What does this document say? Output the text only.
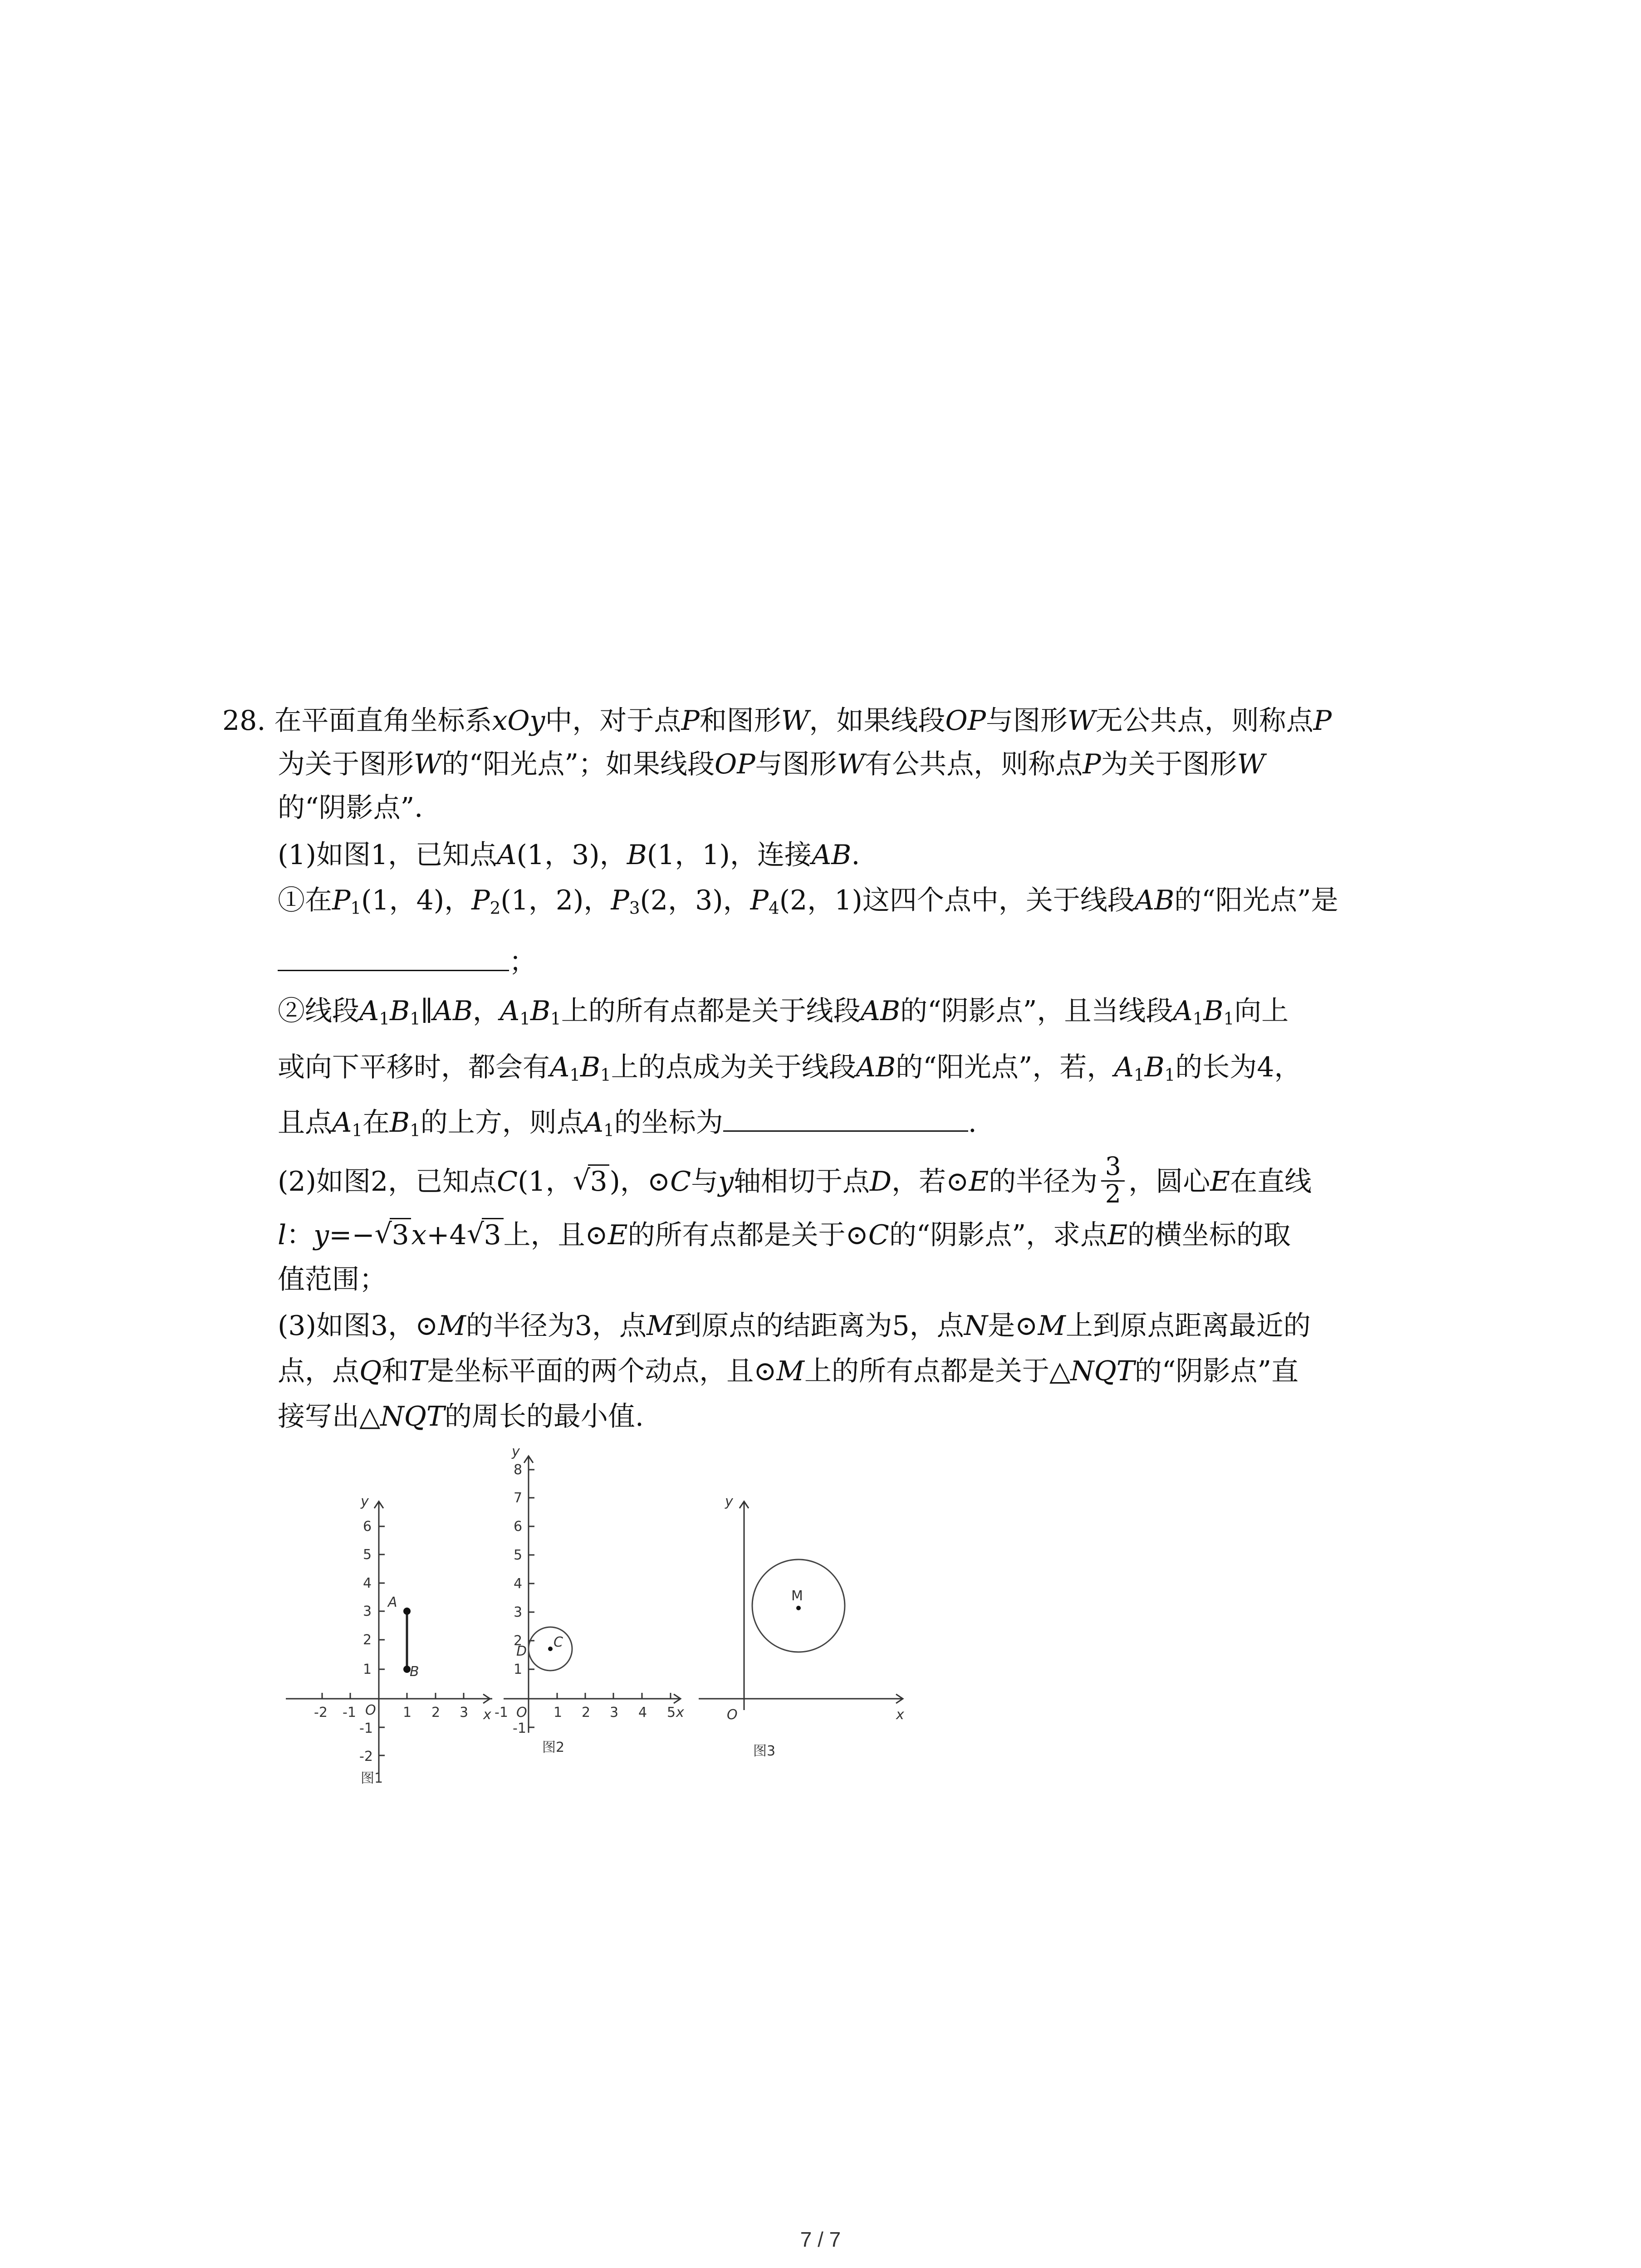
28. 在平面直角坐标系xOy中，对于点P和图形W，如果线段OP与图形W无公共点，则称点P
为关于图形W的“阳光点”；如果线段OP与图形W有公共点，则称点P为关于图形W
的“阴影点”．
(1)如图1，已知点A(1，3)，B(1，1)，连接AB.
①在$P_1(1$，4)，$P_2(1$，2)，$P_3(2$，3)，$P_4(2$，1)这四个点中，关于线段AB的“阳光点”是
；
②线段$A_1B_1\parallel AB$，$A_1B_1$上的所有点都是关于线段AB的“阴影点”，且当线段$A_1B_1$向上
或向下平移时，都会有$A_1B_1$上的点成为关于线段AB的“阳光点”，若，$A_1B_1$的长为4，
且点$A_1$在$B_1$的上方，则点$A_1$的坐标为	.
(2)如图2，已知点C(1， √ 3)，⊙C与y轴相切于点D，若⊙E的半径为 $\frac{3}{2}$ ，圆心E在直线
l：y=− √ 3x+4 √ 3上，且⊙E的所有点都是关于⊙C的“阴影点”，求点E的横坐标的取
值范围；
(3)如图3，⊙M的半径为3，点M到原点的结距离为5，点N是⊙M上到原点距离最近的
点，点Q和T是坐标平面的两个动点，且⊙M上的所有点都是关于△NQT的“阴影点”直
接写出△NQT的周长的最小值.
y
x
O
6
5
4
3
2
1
-1
-2
-2 -1	1 2 3
A
B
图1
y
x
O
8
7
6
5
4
3
2
1
-1
-1	1 2 3 4 5
C
D
图2
y
x
O
M
图3
7 / 7
